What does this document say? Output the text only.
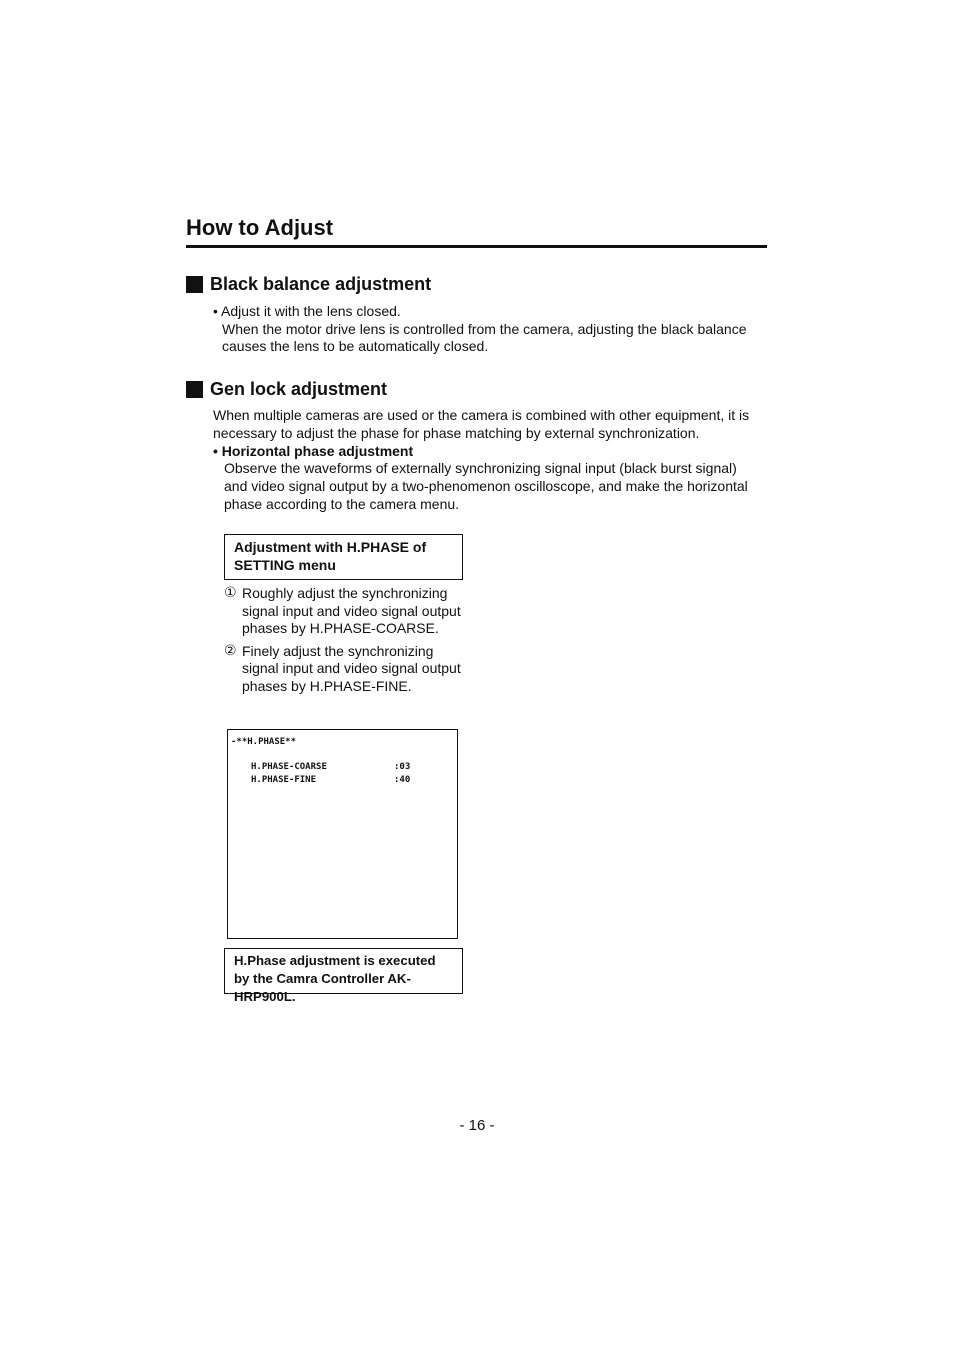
How to Adjust
Black balance adjustment

• Adjust it with the lens closed.

When the motor drive lens is controlled from the camera, adjusting the black balance

causes the lens to be automatically closed.

Gen lock adjustment

When multiple cameras are used or the camera is combined with other equipment, it is

necessary to adjust the phase for phase matching by external synchronization.

• Horizontal phase adjustment

Observe the waveforms of externally synchronizing signal input (black burst signal)

and video signal output by a two-phenomenon oscilloscope, and make the horizontal

phase according to the camera menu.

Adjustment with H.PHASE of SETTING menu
① Roughly adjust the synchronizing signal input and video signal output phases by H.PHASE-COARSE.
② Finely adjust the synchronizing signal input and video signal output phases by H.PHASE-FINE.
-**H.PHASE**
H.PHASE-COARSE	:03
H.PHASE-FINE	:40
H.Phase adjustment is executed by the Camra Controller AK-HRP900L.
- 16 -
